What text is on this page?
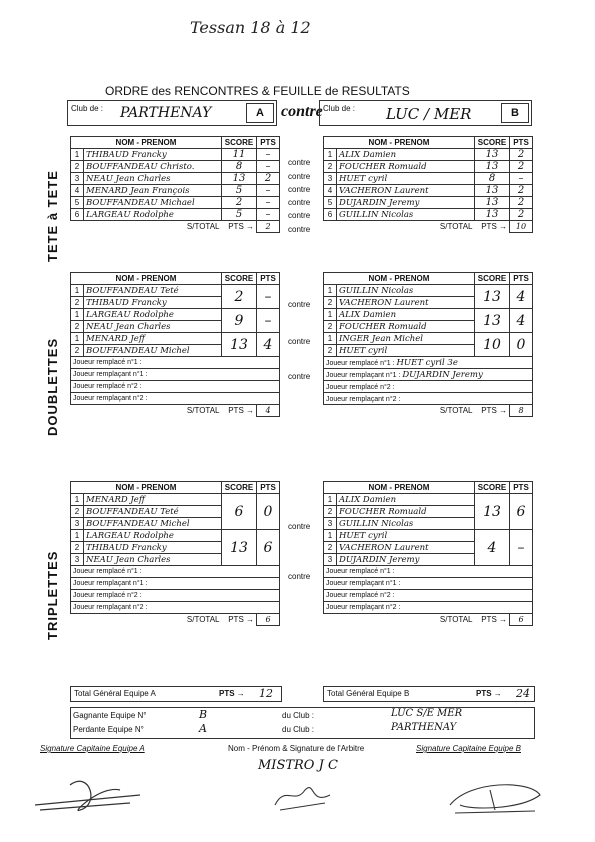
Tessan 18 à 12
ORDRE des RENCONTRES & FEUILLE de RESULTATS
Club de : PARTHENAY	A	contre Club de : LUC / MER	B
TETE à TETE
DOUBLETTES
TRIPLETTES
NOM - PRENOM		SCORE	PTS
1	THIBAUD Francky	11	–
2	BOUFFANDEAU Christo.	8	–
3	NEAU Jean Charles	13	2
4	MENARD Jean François	5	–
5	BOUFFANDEAU Michael	2	–
6	LARGEAU Rodolphe	5	–
S/TOTAL		PTS →	2
NOM - PRENOM		SCORE	PTS
1	ALIX Damien	13	2
2	FOUCHER Romuald	13	2
3	HUET cyril	8	–
4	VACHERON Laurent	13	2
5	DUJARDIN Jeremy	13	2
6	GUILLIN Nicolas	13	2
S/TOTAL		PTS →	10
contre
contre
contre
contre
contre
contre
NOM - PRENOM		SCORE	PTS
1	BOUFFANDEAU Teté	2	–
2	THIBAUD Francky		
1	LARGEAU Rodolphe	9	–
2	NEAU Jean Charles		
1	MENARD Jeff	13	4
2	BOUFFANDEAU Michel		
Joueur remplacé n°1 :			
Joueur remplaçant n°1 :			
Joueur remplacé n°2 :			
Joueur remplaçant n°2 :			
S/TOTAL		PTS →	4
NOM - PRENOM		SCORE	PTS
1	GUILLIN Nicolas	13	4
2	VACHERON Laurent		
1	ALIX Damien	13	4
2	FOUCHER Romuald		
1	INGER Jean Michel	10	0
2	HUET cyril		
Joueur remplacé n°1 : HUET cyril 3e			
Joueur remplaçant n°1 : DUJARDIN Jeremy			
Joueur remplacé n°2 :			
Joueur remplaçant n°2 :			
S/TOTAL		PTS →	8
contre
contre
contre
NOM - PRENOM		SCORE	PTS
1	MENARD Jeff	6	0
2	BOUFFANDEAU Teté		
3	BOUFFANDEAU Michel		
1	LARGEAU Rodolphe	13	6
2	THIBAUD Francky		
3	NEAU Jean Charles		
Joueur remplacé n°1 :			
Joueur remplaçant n°1 :			
Joueur remplacé n°2 :			
Joueur remplaçant n°2 :			
S/TOTAL		PTS →	6
NOM - PRENOM		SCORE	PTS
1	ALIX Damien	13	6
2	FOUCHER Romuald		
3	GUILLIN Nicolas		
1	HUET cyril	4	–
2	VACHERON Laurent		
3	DUJARDIN Jeremy		
Joueur remplacé n°1 :			
Joueur remplaçant n°1 :			
Joueur remplacé n°2 :			
Joueur remplaçant n°2 :			
S/TOTAL		PTS →	6
contre
contre
Total Général Equipe A	PTS → 12	Total Général Equipe B	PTS → 24
Gagnante Equipe N°	B	du Club :	LUC S/E MER
Perdante Equipe N°	A	du Club :	PARTHENAY
Signature Capitaine Equipe A	Nom - Prénom & Signature de l'Arbitre	Signature Capitaine Equipe B
MISTRO J C
